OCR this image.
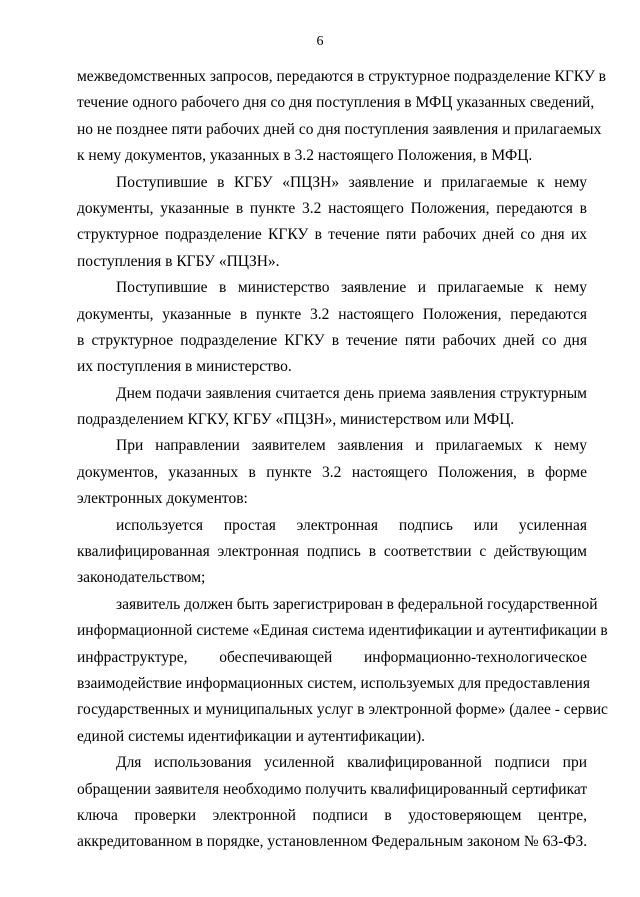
6
межведомственных запросов, передаются в структурное подразделение КГКУ в
течение одного рабочего дня со дня поступления в МФЦ указанных сведений,
но не позднее пяти рабочих дней со дня поступления заявления и прилагаемых
к нему документов, указанных в 3.2 настоящего Положения, в МФЦ.
Поступившие в КГБУ «ПЦЗН» заявление и прилагаемые к нему
документы, указанные в пункте 3.2 настоящего Положения, передаются в
структурное подразделение КГКУ в течение пяти рабочих дней со дня их
поступления в КГБУ «ПЦЗН».
Поступившие в министерство заявление и прилагаемые к нему
документы, указанные в пункте 3.2 настоящего Положения, передаются
в структурное подразделение КГКУ в течение пяти рабочих дней со дня
их поступления в министерство.
Днем подачи заявления считается день приема заявления структурным
подразделением КГКУ, КГБУ «ПЦЗН», министерством или МФЦ.
При направлении заявителем заявления и прилагаемых к нему
документов, указанных в пункте 3.2 настоящего Положения, в форме
электронных документов:
используется простая электронная подпись или усиленная
квалифицированная электронная подпись в соответствии с действующим
законодательством;
заявитель должен быть зарегистрирован в федеральной государственной
информационной системе «Единая система идентификации и аутентификации в
инфраструктуре, обеспечивающей информационно-технологическое
взаимодействие информационных систем, используемых для предоставления
государственных и муниципальных услуг в электронной форме» (далее - сервис
единой системы идентификации и аутентификации).
Для использования усиленной квалифицированной подписи при
обращении заявителя необходимо получить квалифицированный сертификат
ключа проверки электронной подписи в удостоверяющем центре,
аккредитованном в порядке, установленном Федеральным законом № 63-ФЗ.
